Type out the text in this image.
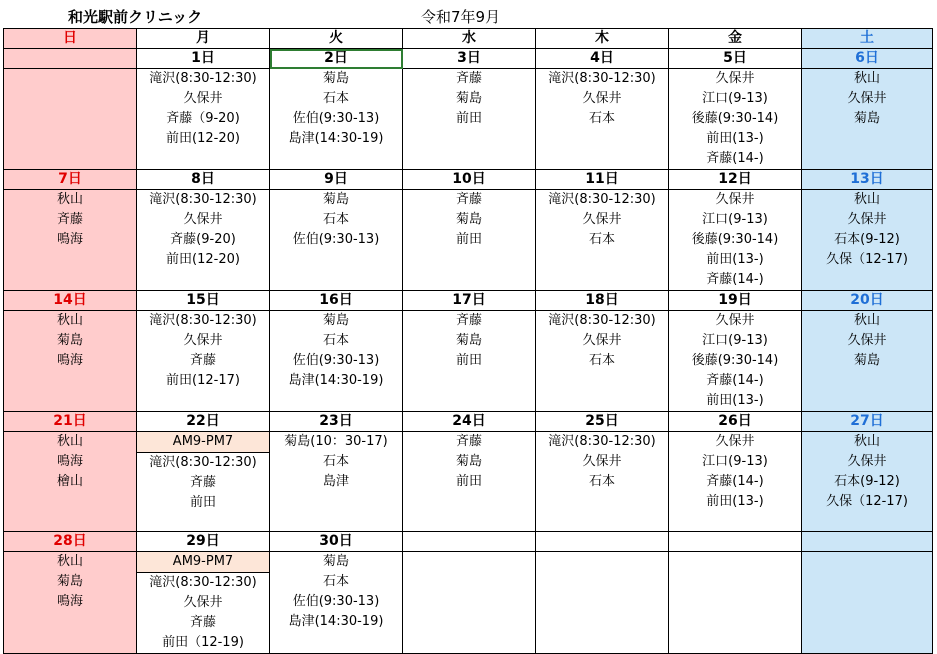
和光駅前クリニック	令和7年9月
日	月	火	水	木	金	土
	1日	2日	3日	4日	5日	6日

	滝沢(8:30-12:30)
久保井
斉藤（9-20)
前田(12-20)	菊島
石本
佐伯(9:30-13)
島津(14:30-19)	斉藤
菊島
前田	滝沢(8:30-12:30)
久保井
石本	久保井
江口(9-13)
後藤(9:30-14)
前田(13-)
斉藤(14-)	秋山
久保井
菊島

7日	8日	9日	10日	11日	12日	13日

秋山
斉藤
鳴海	滝沢(8:30-12:30)
久保井
斉藤(9-20)
前田(12-20)	菊島
石本
佐伯(9:30-13)	斉藤
菊島
前田	滝沢(8:30-12:30)
久保井
石本	久保井
江口(9-13)
後藤(9:30-14)
前田(13-)
斉藤(14-)	秋山
久保井
石本(9-12)
久保（12-17)

14日	15日	16日	17日	18日	19日	20日

秋山
菊島
鳴海	滝沢(8:30-12:30)
久保井
斉藤
前田(12-17)	菊島
石本
佐伯(9:30-13)
島津(14:30-19)	斉藤
菊島
前田	滝沢(8:30-12:30)
久保井
石本	久保井
江口(9-13)
後藤(9:30-14)
斉藤(14-)
前田(13-)	秋山
久保井
菊島

21日	22日	23日	24日	25日	26日	27日

秋山
鳴海
檜山	AM9-PM7
滝沢(8:30-12:30)
斉藤
前田	菊島(10：30-17)
石本
島津	斉藤
菊島
前田	滝沢(8:30-12:30)
久保井
石本	久保井
江口(9-13)
斉藤(14-)
前田(13-)	秋山
久保井
石本(9-12)
久保（12-17)

28日	29日	30日				

秋山
菊島
鳴海	AM9-PM7
滝沢(8:30-12:30)
久保井
斉藤
前田（12-19)	菊島
石本
佐伯(9:30-13)
島津(14:30-19)				
